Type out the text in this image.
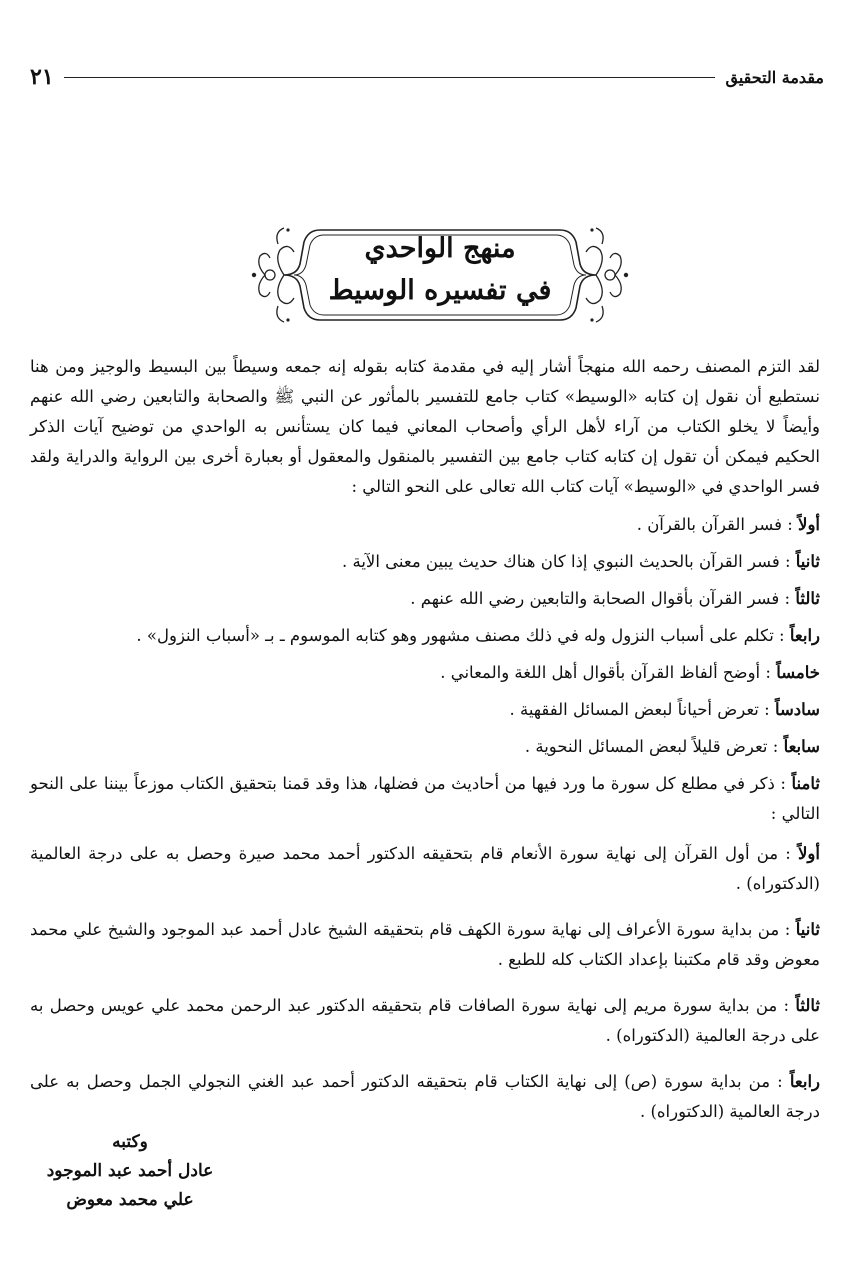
مقدمة التحقيق
٢١
منهج الواحدي
في تفسيره الوسيط

لقد التزم المصنف رحمه الله منهجاً أشار إليه في مقدمة كتابه بقوله إنه جمعه وسيطاً بين البسيط والوجيز ومن هنا نستطيع أن نقول إن كتابه «الوسيط» كتاب جامع للتفسير بالمأثور عن النبي ﷺ والصحابة والتابعين رضي الله عنهم وأيضاً لا يخلو الكتاب من آراء لأهل الرأي وأصحاب المعاني فيما كان يستأنس به الواحدي من توضيح آيات الذكر الحكيم فيمكن أن تقول إن كتابه كتاب جامع بين التفسير بالمنقول والمعقول أو بعبارة أخرى بين الرواية والدراية ولقد فسر الواحدي في «الوسيط» آيات كتاب الله تعالى على النحو التالي :

أولاً : فسر القرآن بالقرآن .

ثانياً : فسر القرآن بالحديث النبوي إذا كان هناك حديث يبين معنى الآية .

ثالثاً : فسر القرآن بأقوال الصحابة والتابعين رضي الله عنهم .

رابعاً : تكلم على أسباب النزول وله في ذلك مصنف مشهور وهو كتابه الموسوم ـ بـ «أسباب النزول» .

خامساً : أوضح ألفاظ القرآن بأقوال أهل اللغة والمعاني .

سادساً : تعرض أحياناً لبعض المسائل الفقهية .

سابعاً : تعرض قليلاً لبعض المسائل النحوية .

ثامناً : ذكر في مطلع كل سورة ما ورد فيها من أحاديث من فضلها، هذا وقد قمنا بتحقيق الكتاب موزعاً بيننا على النحو التالي :

أولاً : من أول القرآن إلى نهاية سورة الأنعام قام بتحقيقه الدكتور أحمد محمد صيرة وحصل به على درجة العالمية (الدكتوراه) .

ثانياً : من بداية سورة الأعراف إلى نهاية سورة الكهف قام بتحقيقه الشيخ عادل أحمد عبد الموجود والشيخ علي محمد معوض وقد قام مكتبنا بإعداد الكتاب كله للطبع .

ثالثاً : من بداية سورة مريم إلى نهاية سورة الصافات قام بتحقيقه الدكتور عبد الرحمن محمد علي عويس وحصل به على درجة العالمية (الدكتوراه) .

رابعاً : من بداية سورة (ص) إلى نهاية الكتاب قام بتحقيقه الدكتور أحمد عبد الغني النجولي الجمل وحصل به على درجة العالمية (الدكتوراه) .

وكتبه
عادل أحمد عبد الموجود
علي محمد معوض
